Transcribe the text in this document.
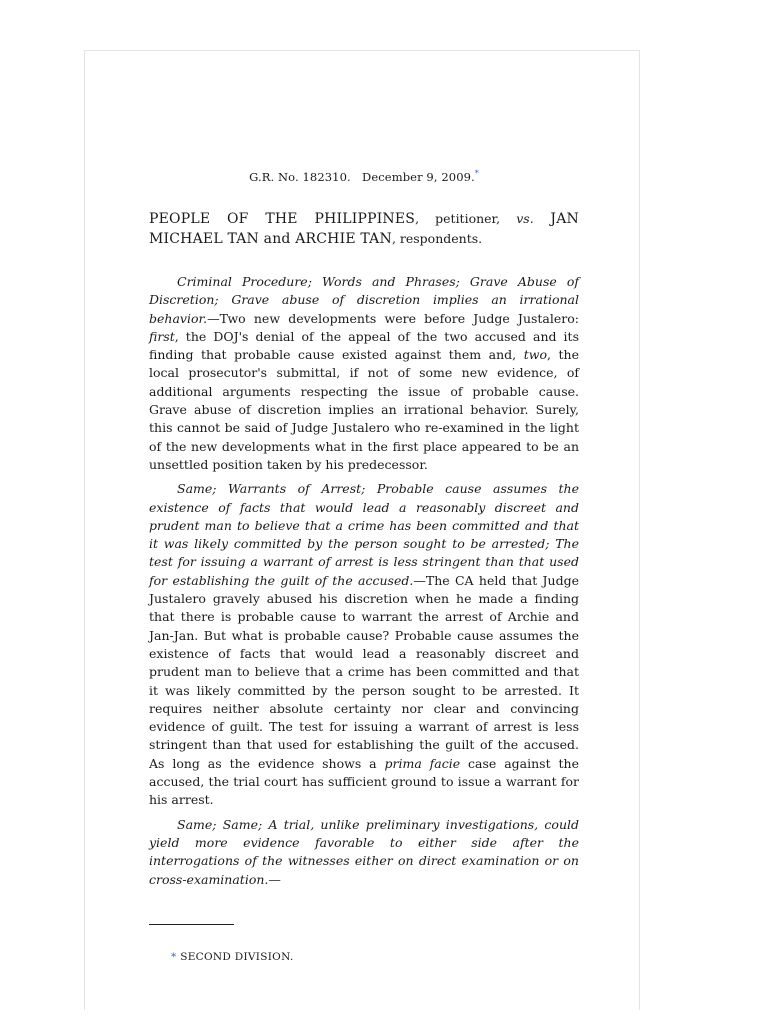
G.R. No. 182310. December 9, 2009.*
PEOPLE OF THE PHILIPPINES, petitioner, vs. JAN MICHAEL TAN and ARCHIE TAN, respondents.

Criminal Procedure; Words and Phrases; Grave Abuse of Discretion; Grave abuse of discretion implies an irrational behavior.—Two new developments were before Judge Justalero: first, the DOJ's denial of the appeal of the two accused and its finding that probable cause existed against them and, two, the local prosecutor's submittal, if not of some new evidence, of additional arguments respecting the issue of probable cause. Grave abuse of discretion implies an irrational behavior. Surely, this cannot be said of Judge Justalero who re-examined in the light of the new developments what in the first place appeared to be an unsettled position taken by his predecessor.

Same; Warrants of Arrest; Probable cause assumes the existence of facts that would lead a reasonably discreet and prudent man to believe that a crime has been committed and that it was likely committed by the person sought to be arrested; The test for issuing a warrant of arrest is less stringent than that used for establishing the guilt of the accused.—The CA held that Judge Justalero gravely abused his discretion when he made a finding that there is probable cause to warrant the arrest of Archie and Jan-Jan. But what is probable cause? Probable cause assumes the existence of facts that would lead a reasonably discreet and prudent man to believe that a crime has been committed and that it was likely committed by the person sought to be arrested. It requires neither absolute certainty nor clear and convincing evidence of guilt. The test for issuing a warrant of arrest is less stringent than that used for establishing the guilt of the accused. As long as the evidence shows a prima facie case against the accused, the trial court has sufficient ground to issue a warrant for his arrest.

Same; Same; A trial, unlike preliminary investigations, could yield more evidence favorable to either side after the interrogations of the witnesses either on direct examination or on cross-examination.—

* SECOND DIVISION.
